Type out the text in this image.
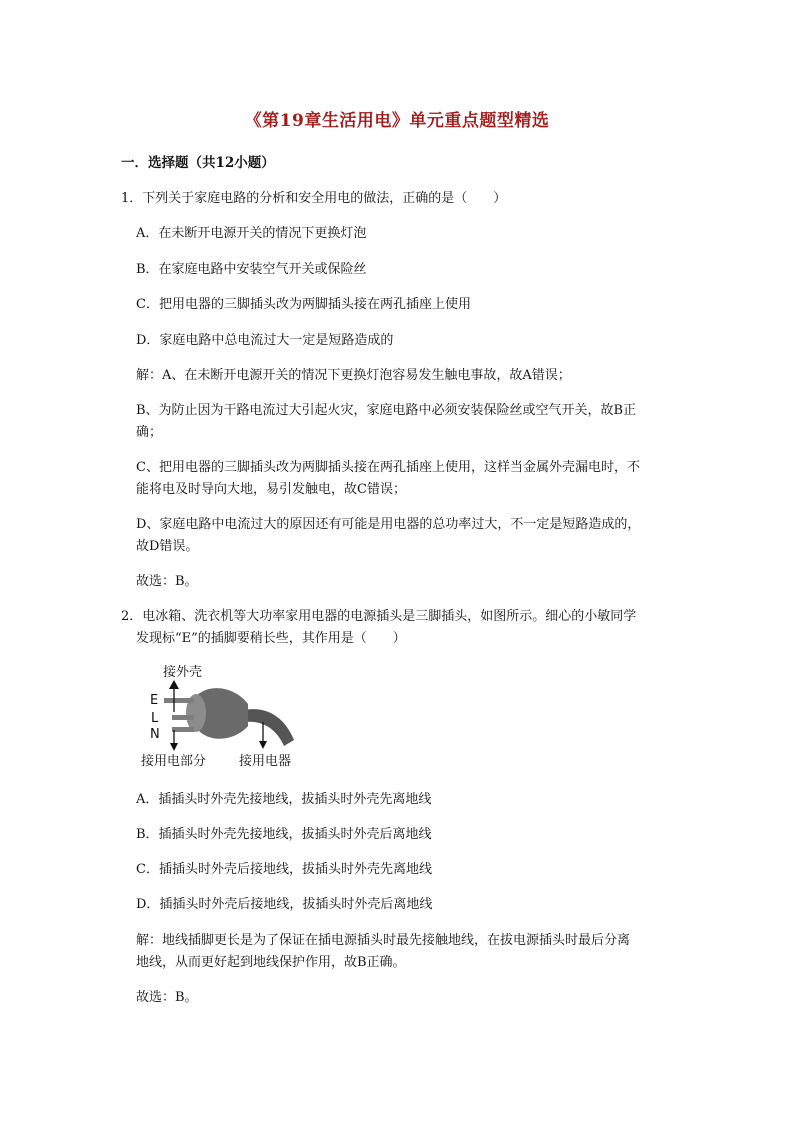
《第19章生活用电》单元重点题型精选
一．选择题（共12小题）
1．下列关于家庭电路的分析和安全用电的做法，正确的是（　　）
A．在未断开电源开关的情况下更换灯泡
B．在家庭电路中安装空气开关或保险丝
C．把用电器的三脚插头改为两脚插头接在两孔插座上使用
D．家庭电路中总电流过大一定是短路造成的
解：A、在未断开电源开关的情况下更换灯泡容易发生触电事故，故A错误；
B、为防止因为干路电流过大引起火灾，家庭电路中必须安装保险丝或空气开关，故B正
确；
C、把用电器的三脚插头改为两脚插头接在两孔插座上使用，这样当金属外壳漏电时，不
能将电及时导向大地，易引发触电，故C错误；
D、家庭电路中电流过大的原因还有可能是用电器的总功率过大，不一定是短路造成的，
故D错误。
故选：B。
2．电冰箱、洗衣机等大功率家用电器的电源插头是三脚插头，如图所示。细心的小敏同学
发现标“E”的插脚要稍长些，其作用是（　　）
接外壳
E
L
N
接用电部分	接用电器
A．插插头时外壳先接地线，拔插头时外壳先离地线
B．插插头时外壳先接地线，拔插头时外壳后离地线
C．插插头时外壳后接地线，拔插头时外壳先离地线
D．插插头时外壳后接地线，拔插头时外壳后离地线
解：地线插脚更长是为了保证在插电源插头时最先接触地线，在拔电源插头时最后分离
地线，从而更好起到地线保护作用，故B正确。
故选：B。
